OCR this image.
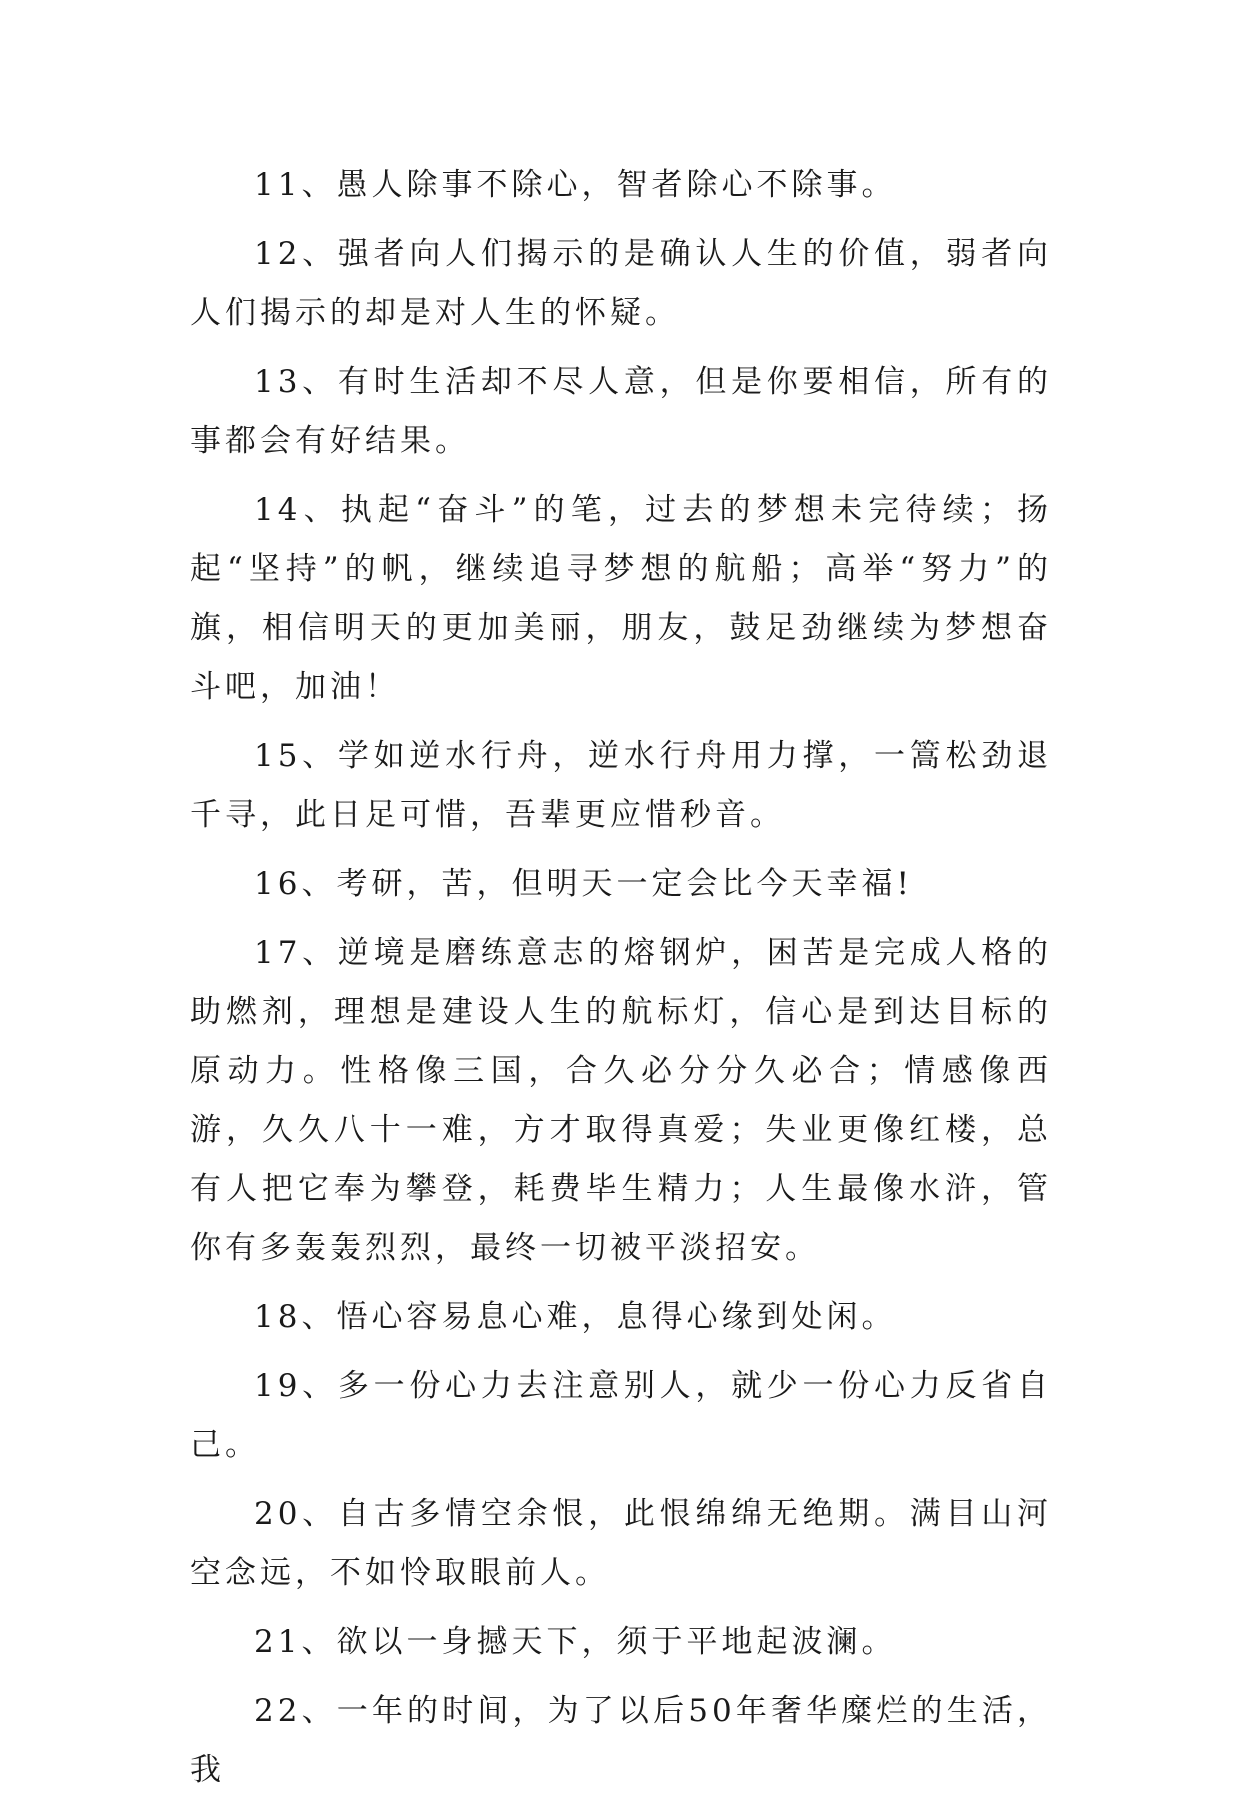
11、愚人除事不除心，智者除心不除事。

12、强者向人们揭示的是确认人生的价值，弱者向人们揭示的却是对人生的怀疑。

13、有时生活却不尽人意，但是你要相信，所有的事都会有好结果。

14、执起“奋斗”的笔，过去的梦想未完待续；扬起“坚持”的帆，继续追寻梦想的航船；高举“努力”的旗，相信明天的更加美丽，朋友，鼓足劲继续为梦想奋斗吧，加油！

15、学如逆水行舟，逆水行舟用力撑，一篙松劲退千寻，此日足可惜，吾辈更应惜秒音。

16、考研，苦，但明天一定会比今天幸福!

17、逆境是磨练意志的熔钢炉，困苦是完成人格的助燃剂，理想是建设人生的航标灯，信心是到达目标的原动力。性格像三国，合久必分分久必合；情感像西游，久久八十一难，方才取得真爱；失业更像红楼，总有人把它奉为攀登，耗费毕生精力；人生最像水浒，管你有多轰轰烈烈，最终一切被平淡招安。

18、悟心容易息心难，息得心缘到处闲。

19、多一份心力去注意别人，就少一份心力反省自己。

20、自古多情空余恨，此恨绵绵无绝期。满目山河空念远，不如怜取眼前人。

21、欲以一身撼天下，须于平地起波澜。

22、一年的时间，为了以后50年奢华糜烂的生活，我
